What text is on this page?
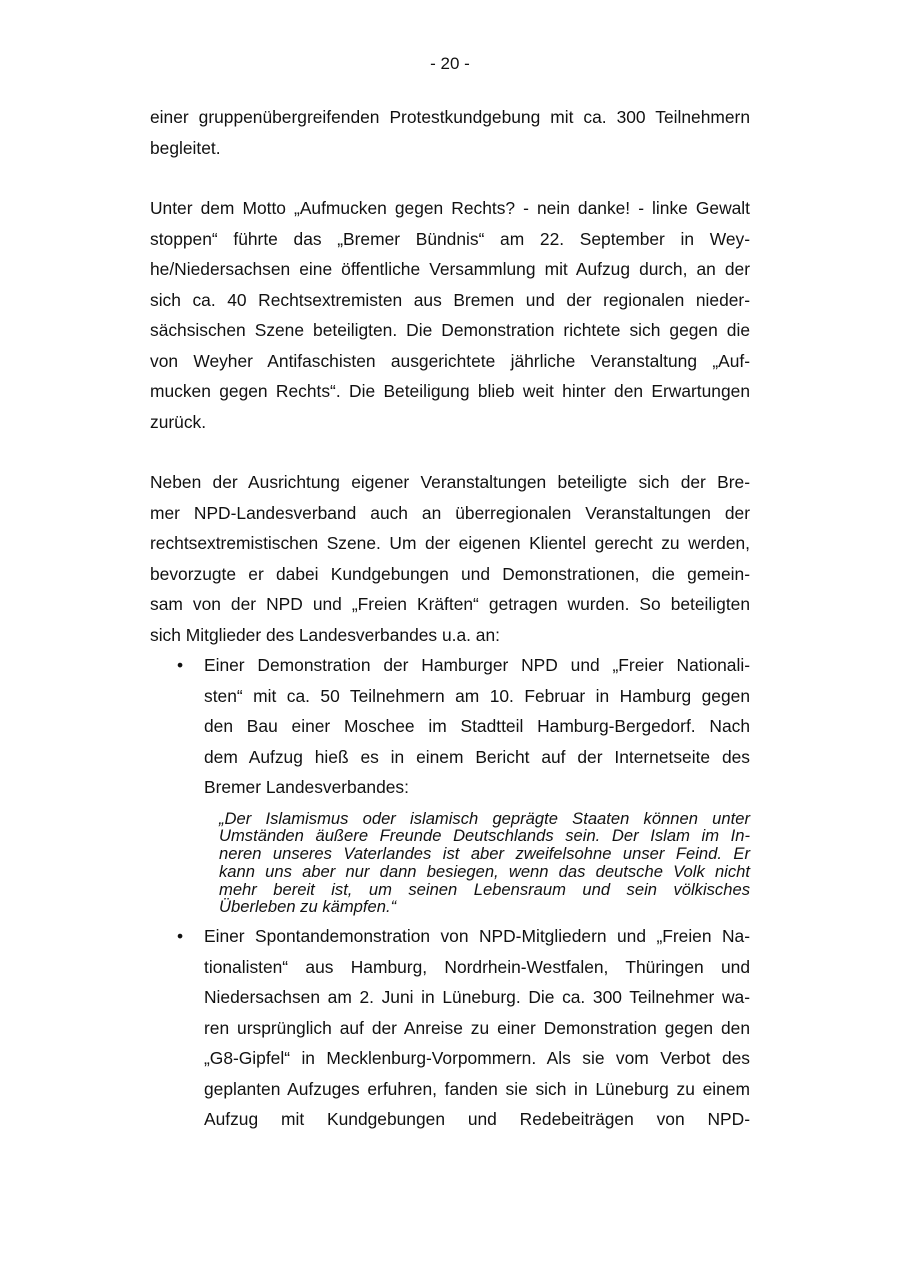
- 20 -

einer gruppenübergreifenden Protestkundgebung mit ca. 300 Teilnehmern
begleitet.

Unter dem Motto „Aufmucken gegen Rechts? - nein danke! - linke Gewalt
stoppen“ führte das „Bremer Bündnis“ am 22. September in Wey-
he/Niedersachsen eine öffentliche Versammlung mit Aufzug durch, an der
sich ca. 40 Rechtsextremisten aus Bremen und der regionalen nieder-
sächsischen Szene beteiligten. Die Demonstration richtete sich gegen die
von Weyher Antifaschisten ausgerichtete jährliche Veranstaltung „Auf-
mucken gegen Rechts“. Die Beteiligung blieb weit hinter den Erwartungen
zurück.

Neben der Ausrichtung eigener Veranstaltungen beteiligte sich der Bre-
mer NPD-Landesverband auch an überregionalen Veranstaltungen der
rechtsextremistischen Szene. Um der eigenen Klientel gerecht zu werden,
bevorzugte er dabei Kundgebungen und Demonstrationen, die gemein-
sam von der NPD und „Freien Kräften“ getragen wurden. So beteiligten
sich Mitglieder des Landesverbandes u.a. an:

• Einer Demonstration der Hamburger NPD und „Freier Nationali-
sten“ mit ca. 50 Teilnehmern am 10. Februar in Hamburg gegen
den Bau einer Moschee im Stadtteil Hamburg-Bergedorf. Nach
dem Aufzug hieß es in einem Bericht auf der Internetseite des
Bremer Landesverbandes:
„Der Islamismus oder islamisch geprägte Staaten können unter
Umständen äußere Freunde Deutschlands sein. Der Islam im In-
neren unseres Vaterlandes ist aber zweifelsohne unser Feind. Er
kann uns aber nur dann besiegen, wenn das deutsche Volk nicht
mehr bereit ist, um seinen Lebensraum und sein völkisches
Überleben zu kämpfen.“
• Einer Spontandemonstration von NPD-Mitgliedern und „Freien Na-
tionalisten“ aus Hamburg, Nordrhein-Westfalen, Thüringen und
Niedersachsen am 2. Juni in Lüneburg. Die ca. 300 Teilnehmer wa-
ren ursprünglich auf der Anreise zu einer Demonstration gegen den
„G8-Gipfel“ in Mecklenburg-Vorpommern. Als sie vom Verbot des
geplanten Aufzuges erfuhren, fanden sie sich in Lüneburg zu einem
Aufzug mit Kundgebungen und Redebeiträgen von NPD-
